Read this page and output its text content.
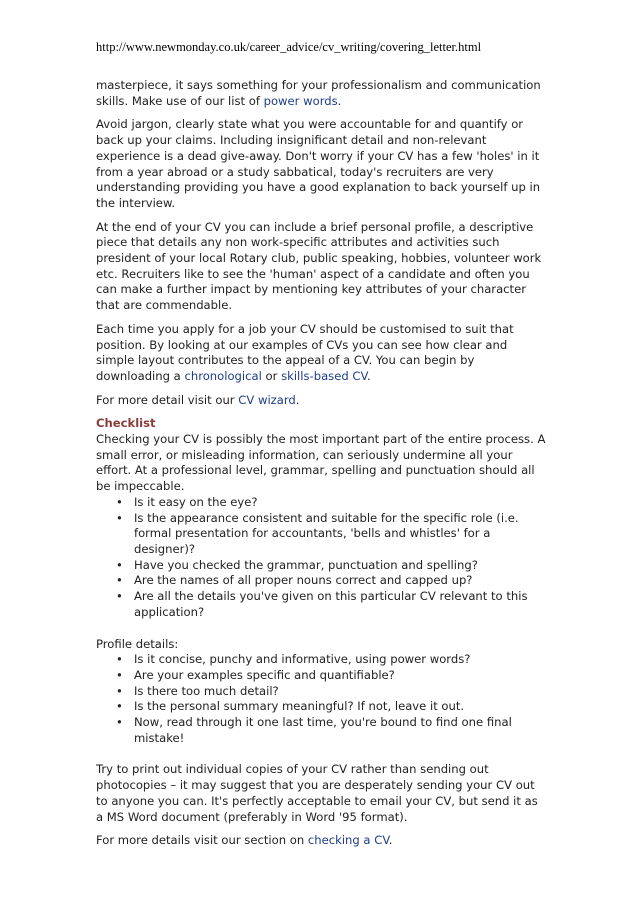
http://www.newmonday.co.uk/career_advice/cv_writing/covering_letter.html

masterpiece, it says something for your professionalism and communication skills. Make use of our list of power words.

Avoid jargon, clearly state what you were accountable for and quantify or back up your claims. Including insignificant detail and non-relevant experience is a dead give-away. Don't worry if your CV has a few 'holes' in it from a year abroad or a study sabbatical, today's recruiters are very understanding providing you have a good explanation to back yourself up in the interview.

At the end of your CV you can include a brief personal profile, a descriptive piece that details any non work-specific attributes and activities such president of your local Rotary club, public speaking, hobbies, volunteer work etc. Recruiters like to see the 'human' aspect of a candidate and often you can make a further impact by mentioning key attributes of your character that are commendable.

Each time you apply for a job your CV should be customised to suit that position. By looking at our examples of CVs you can see how clear and simple layout contributes to the appeal of a CV. You can begin by downloading a chronological or skills-based CV.

For more detail visit our CV wizard.

Checklist
Checking your CV is possibly the most important part of the entire process. A small error, or misleading information, can seriously undermine all your effort. At a professional level, grammar, spelling and punctuation should all be impeccable.
• Is it easy on the eye?
• Is the appearance consistent and suitable for the specific role (i.e. formal presentation for accountants, 'bells and whistles' for a designer)?
• Have you checked the grammar, punctuation and spelling?
• Are the names of all proper nouns correct and capped up?
• Are all the details you've given on this particular CV relevant to this application?
Profile details:
• Is it concise, punchy and informative, using power words?
• Are your examples specific and quantifiable?
• Is there too much detail?
• Is the personal summary meaningful? If not, leave it out.
• Now, read through it one last time, you're bound to find one final mistake!

Try to print out individual copies of your CV rather than sending out photocopies – it may suggest that you are desperately sending your CV out to anyone you can. It's perfectly acceptable to email your CV, but send it as a MS Word document (preferably in Word '95 format).

For more details visit our section on checking a CV.
